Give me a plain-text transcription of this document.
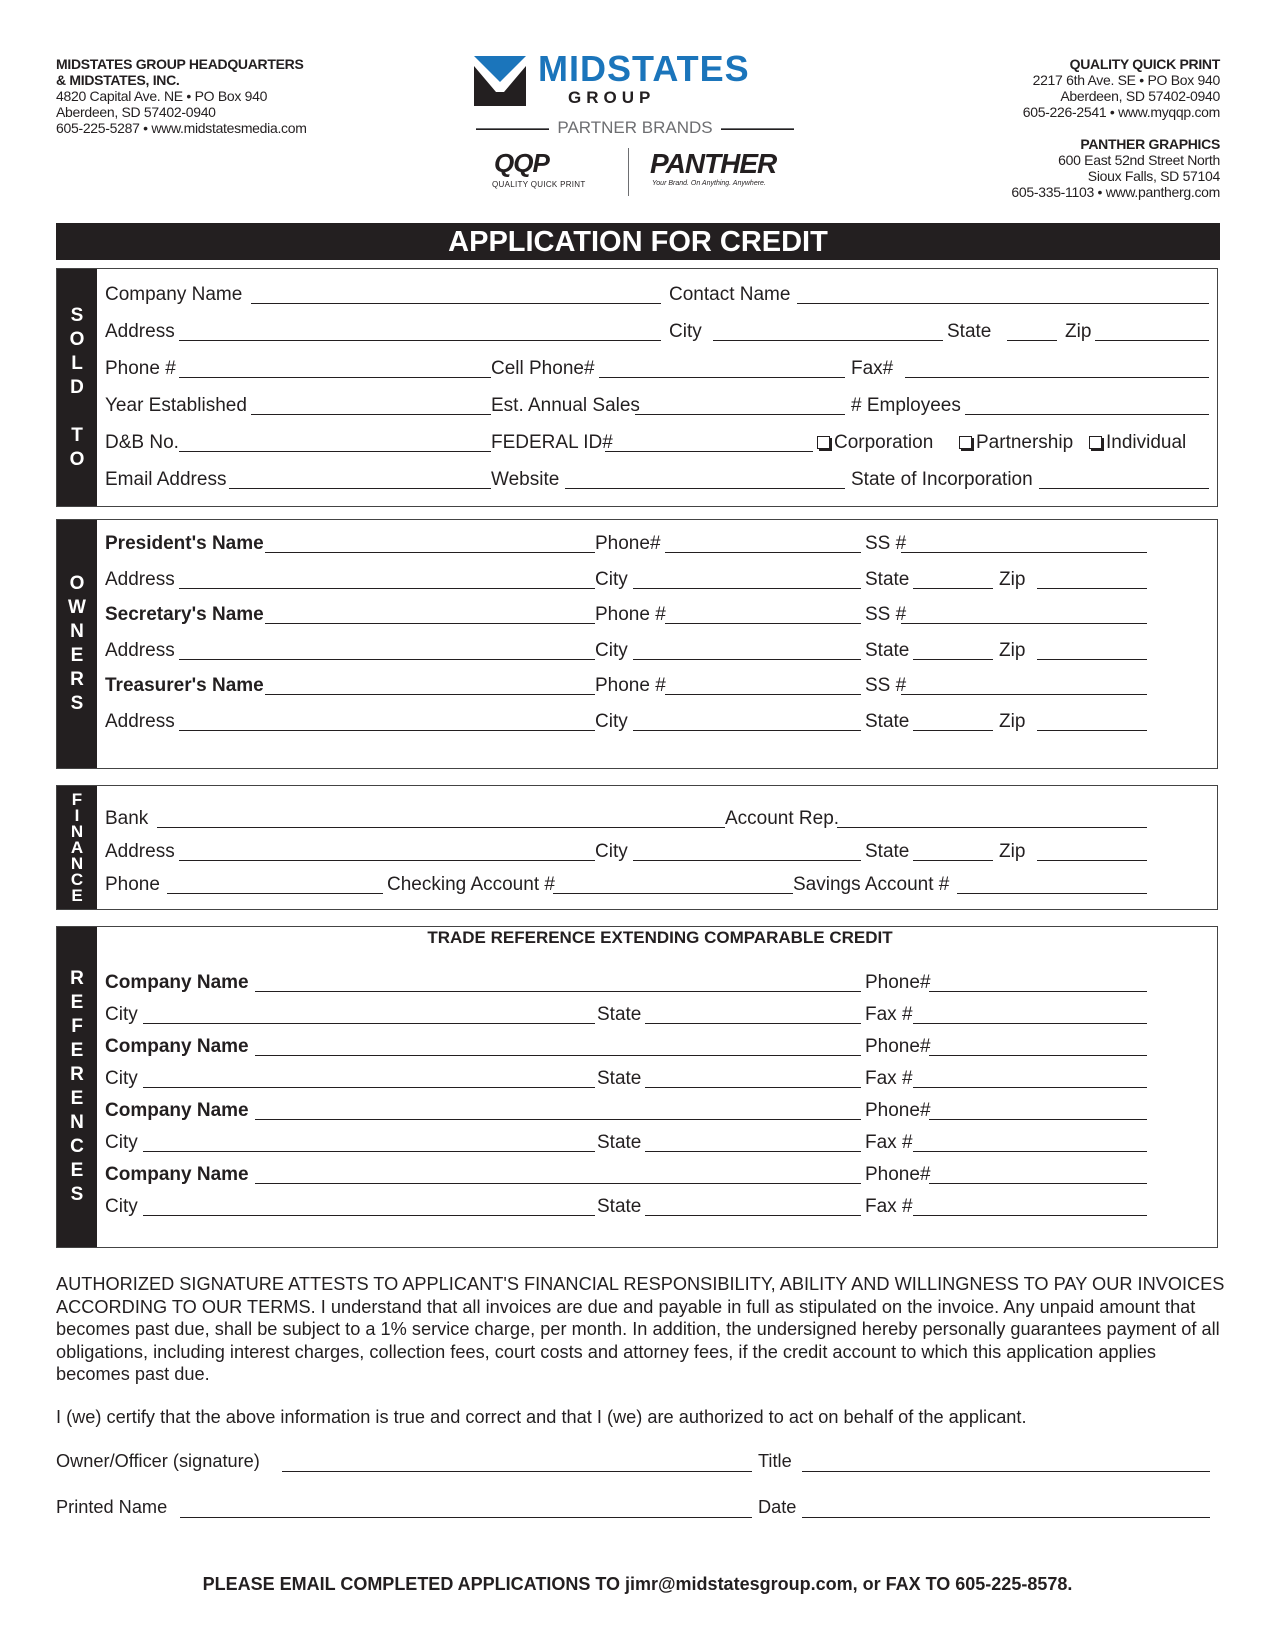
MIDSTATES GROUP HEADQUARTERS
& MIDSTATES, INC.
4820 Capital Ave. NE • PO Box 940
Aberdeen, SD 57402-0940
605-225-5287 • www.midstatesmedia.com
MIDSTATES
GROUP
PARTNER BRANDS
QQP
QUALITY QUICK PRINT
PANTHER
Your Brand. On Anything. Anywhere.
QUALITY QUICK PRINT
2217 6th Ave. SE • PO Box 940
Aberdeen, SD 57402-0940
605-226-2541 • www.myqqp.com
PANTHER GRAPHICS
600 East 52nd Street North
Sioux Falls, SD 57104
605-335-1103 • www.pantherg.com
APPLICATION FOR CREDIT
S
O
L
D

T
O
Company Name	Contact Name
Address	City	State	Zip
Phone #	Cell Phone#	Fax#
Year Established	Est. Annual Sales	# Employees
D&B No.	FEDERAL ID#	Corporation	Partnership	Individual
Email Address	Website	State of Incorporation
O
W
N
E
R
S
President's Name	Phone#	SS #
Address	City	State	Zip
Secretary's Name	Phone #	SS #
Address	City	State	Zip
Treasurer's Name	Phone #	SS #
Address	City	State	Zip
F
I
N
A
N
C
E
Bank	Account Rep.
Address	City	State	Zip
Phone	Checking Account #	Savings Account #
R
E
F
E
R
E
N
C
E
S
TRADE REFERENCE EXTENDING COMPARABLE CREDIT
Company Name	Phone#
City	State	Fax #
Company Name	Phone#
City	State	Fax #
Company Name	Phone#
City	State	Fax #
Company Name	Phone#
City	State	Fax #
AUTHORIZED SIGNATURE ATTESTS TO APPLICANT'S FINANCIAL RESPONSIBILITY, ABILITY AND WILLINGNESS TO PAY OUR INVOICES ACCORDING TO OUR TERMS. I understand that all invoices are due and payable in full as stipulated on the invoice. Any unpaid amount that becomes past due, shall be subject to a 1% service charge, per month. In addition, the undersigned hereby personally guarantees payment of all obligations, including interest charges, collection fees, court costs and attorney fees, if the credit account to which this application applies becomes past due.
I (we) certify that the above information is true and correct and that I (we) are authorized to act on behalf of the applicant.
Owner/Officer (signature)	Title
Printed Name	Date
PLEASE EMAIL COMPLETED APPLICATIONS TO jimr@midstatesgroup.com, or FAX TO 605-225-8578.
